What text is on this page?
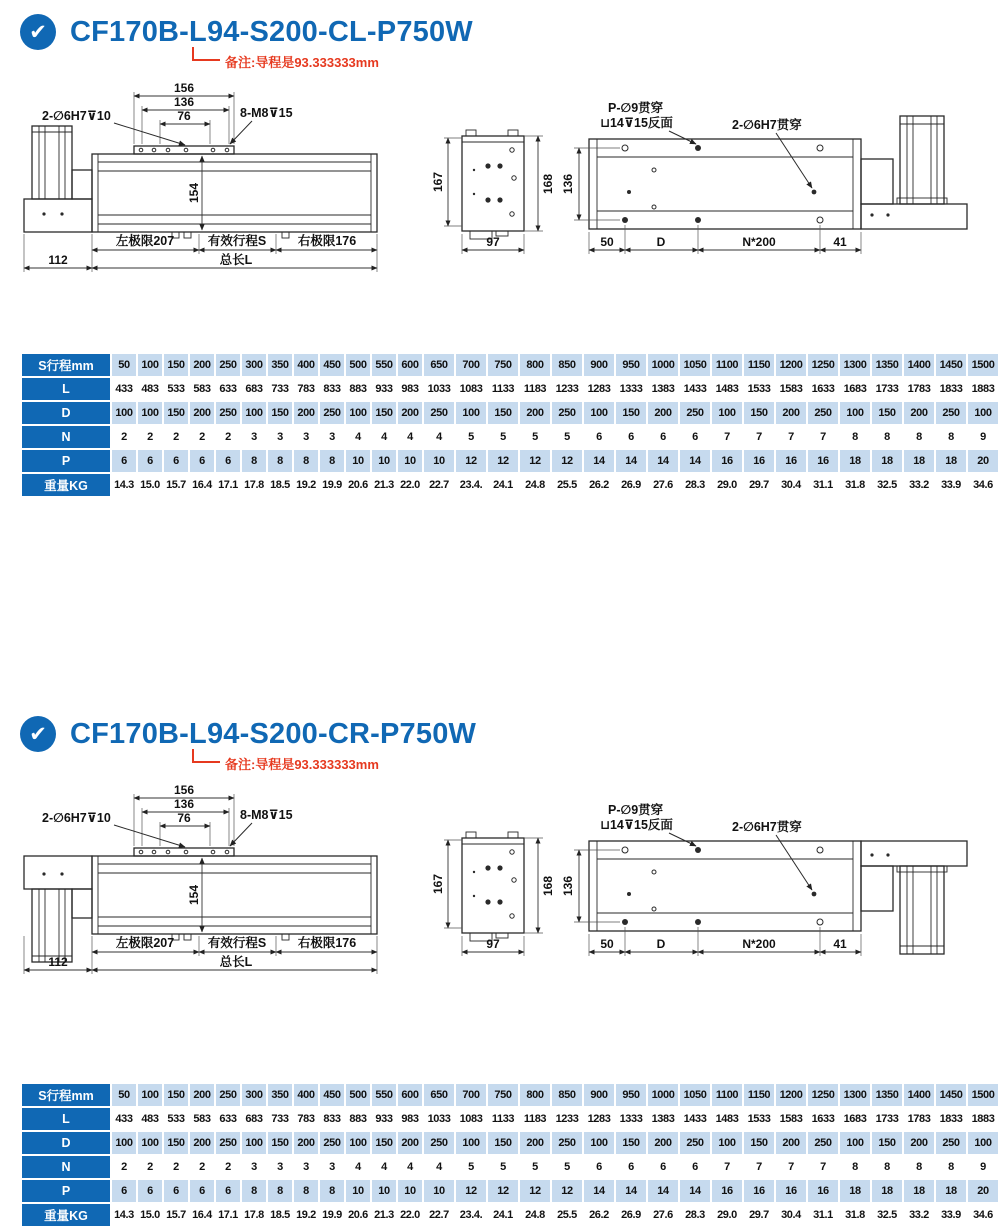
✔ CF170B-L94-S200-CL-P750W
备注:导程是93.333333mm
156
136
76
2-∅6H7⊽10	8-M8⊽15
154
左极限207	有效行程S	右极限176
112	总长L
167	168
97
P-∅9贯穿
⊔14⊽15反面	2-∅6H7贯穿
136
50	D	N*200	41
S行程mm	50	100	150	200	250	300	350	400	450	500	550	600	650	700	750	800	850	900	950	1000	1050	1100	1150	1200	1250	1300	1350	1400	1450	1500
L	433	483	533	583	633	683	733	783	833	883	933	983	1033	1083	1133	1183	1233	1283	1333	1383	1433	1483	1533	1583	1633	1683	1733	1783	1833	1883
D	100	100	150	200	250	100	150	200	250	100	150	200	250	100	150	200	250	100	150	200	250	100	150	200	250	100	150	200	250	100
N	2	2	2	2	2	3	3	3	3	4	4	4	4	5	5	5	5	6	6	6	6	7	7	7	7	8	8	8	8	9
P	6	6	6	6	6	8	8	8	8	10	10	10	10	12	12	12	12	14	14	14	14	16	16	16	16	18	18	18	18	20
重量KG	14.3	15.0	15.7	16.4	17.1	17.8	18.5	19.2	19.9	20.6	21.3	22.0	22.7	23.4.	24.1	24.8	25.5	26.2	26.9	27.6	28.3	29.0	29.7	30.4	31.1	31.8	32.5	33.2	33.9	34.6
✔ CF170B-L94-S200-CR-P750W
备注:导程是93.333333mm
156
136
76
2-∅6H7⊽10	8-M8⊽15
154
左极限207	有效行程S	右极限176
112	总长L
167	168
97
P-∅9贯穿
⊔14⊽15反面	2-∅6H7贯穿
136
50	D	N*200	41
S行程mm	50	100	150	200	250	300	350	400	450	500	550	600	650	700	750	800	850	900	950	1000	1050	1100	1150	1200	1250	1300	1350	1400	1450	1500
L	433	483	533	583	633	683	733	783	833	883	933	983	1033	1083	1133	1183	1233	1283	1333	1383	1433	1483	1533	1583	1633	1683	1733	1783	1833	1883
D	100	100	150	200	250	100	150	200	250	100	150	200	250	100	150	200	250	100	150	200	250	100	150	200	250	100	150	200	250	100
N	2	2	2	2	2	3	3	3	3	4	4	4	4	5	5	5	5	6	6	6	6	7	7	7	7	8	8	8	8	9
P	6	6	6	6	6	8	8	8	8	10	10	10	10	12	12	12	12	14	14	14	14	16	16	16	16	18	18	18	18	20
重量KG	14.3	15.0	15.7	16.4	17.1	17.8	18.5	19.2	19.9	20.6	21.3	22.0	22.7	23.4.	24.1	24.8	25.5	26.2	26.9	27.6	28.3	29.0	29.7	30.4	31.1	31.8	32.5	33.2	33.9	34.6
